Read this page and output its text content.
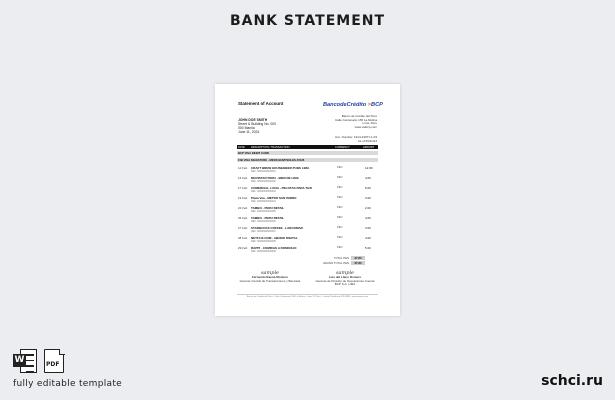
BANK STATEMENT
Statement of Account	BancodeCrédito >BCP
JOHN DOE SMITH
Street & Building No. 000
000 Manila
June 11, 2024
Banco de Crédito del Perú
Calle Centenario 156 La Molina
Lima, Peru
www.viabcp.com
Acc. Number: 1914-23977-1-03
As of 06/11/24
DATE DESCRIPTION / TRANSACTION	CURRENCY	AMOUNT
BCP VISA DEBIT CARD
CIB VISA SIGNATURE - MERCHANT/SOLES #0126
12 Feb CRAFT BREW HOUSE/BEER PUBS LIMA
REF: 00000000000001
PEN	12.80
14 Feb MOVISTAR PERU - BIEN DE LIMA
REF: 00000000000002
PEN	4.00
17 Feb COMERCIAL LUCIA - PELOTAS PARA TAXI
REF: 00000000000003
PEN	5.00
19 Feb Plaza Vea - METRO SAN ISIDRO
REF: 00000000000004
PEN	3.00
22 Feb TAMBO - PERU RETAIL
REF: 00000000000005
PEN	2.00
25 Feb TAMBO - PERU RETAIL
REF: 00000000000006
PEN	4.00
27 Feb STARBUCKS COFFEE - LARCOMAR
REF: 00000000000007
PEN	3.00
28 Feb NETFLIX.COM - ABONO DIGITAL
REF: 00000000000008
PEN	4.00
29 Feb RAPPI - COMIDAS A DOMICILIO
REF: 00000000000009
PEN	5.00
TOTAL PEN	37.80
GRAND TOTAL PEN	37.80
sample
Fernando Baena Montero
Gerente Central de Transacciones y Bancaria
sample
Luis del Llano Romero
Gerente de División de Operaciones Cuenta
BCP S.A. LIMA
Banco de Crédito del Perú - Calle Centenario 156 La Molina - Lima 12, Perú - Central Telefónica 311-9898 - www.viabcp.com
W	PDF
fully editable template	schci.ru
